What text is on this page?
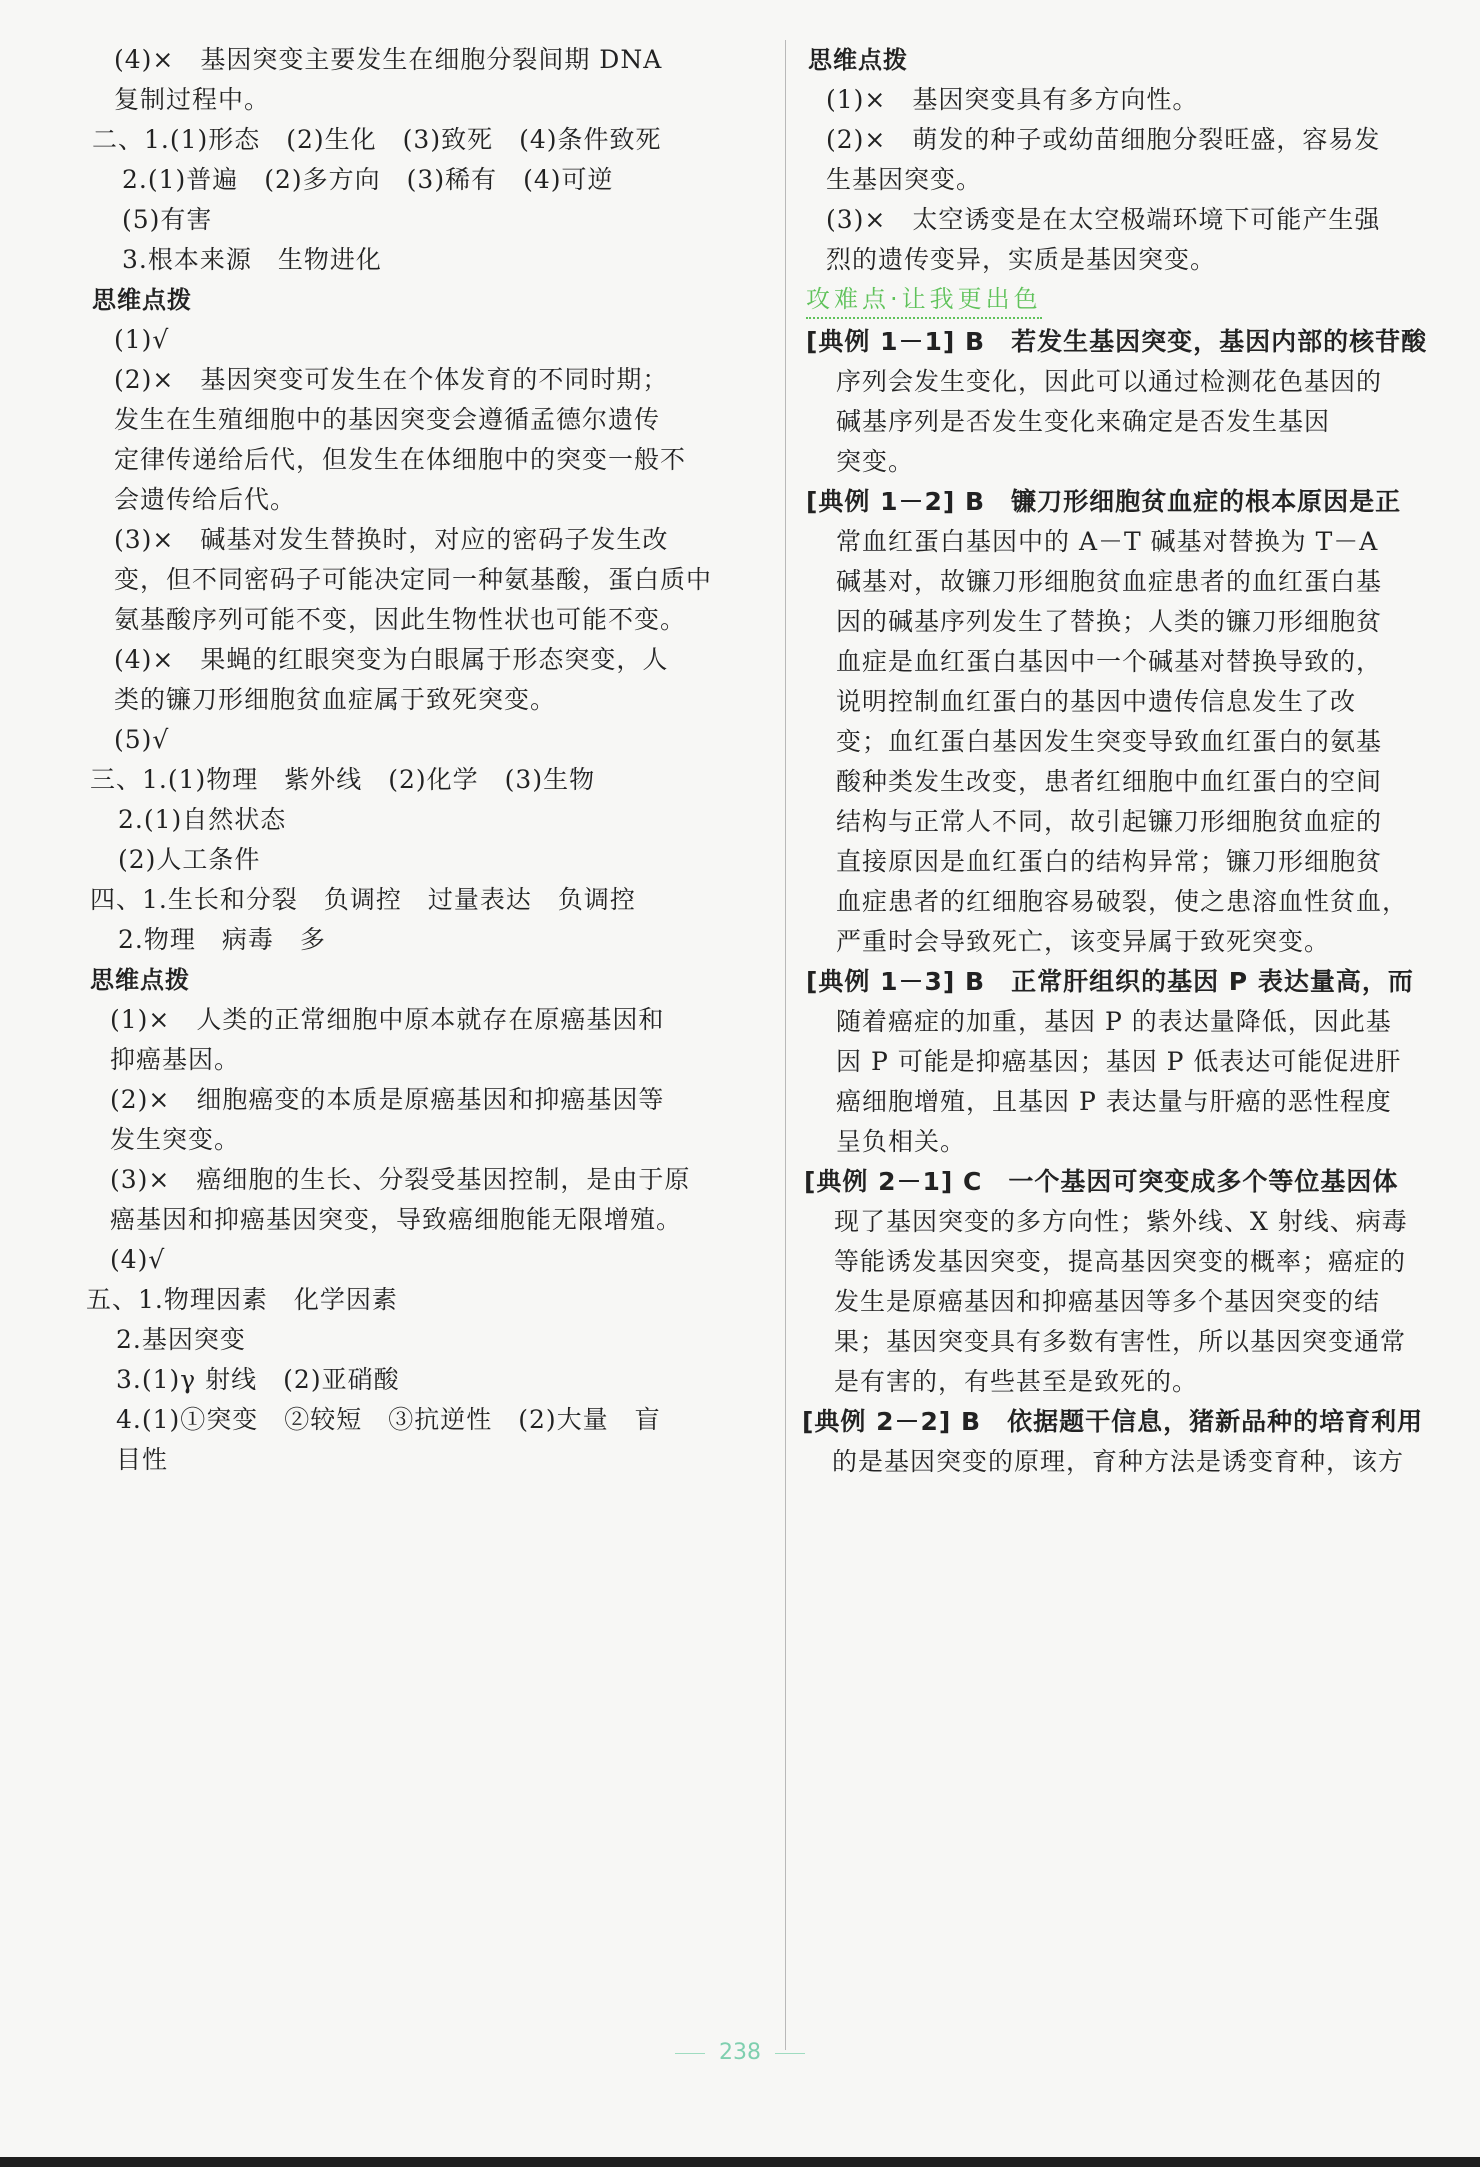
(4)×　基因突变主要发生在细胞分裂间期 DNA
复制过程中。
二、1.(1)形态　(2)生化　(3)致死　(4)条件致死
2.(1)普遍　(2)多方向　(3)稀有　(4)可逆
(5)有害
3.根本来源　生物进化
思维点拨
(1)√
(2)×　基因突变可发生在个体发育的不同时期；
发生在生殖细胞中的基因突变会遵循孟德尔遗传
定律传递给后代，但发生在体细胞中的突变一般不
会遗传给后代。
(3)×　碱基对发生替换时，对应的密码子发生改
变，但不同密码子可能决定同一种氨基酸，蛋白质中
氨基酸序列可能不变，因此生物性状也可能不变。
(4)×　果蝇的红眼突变为白眼属于形态突变，人
类的镰刀形细胞贫血症属于致死突变。
(5)√
三、1.(1)物理　紫外线　(2)化学　(3)生物
2.(1)自然状态
(2)人工条件
四、1.生长和分裂　负调控　过量表达　负调控
2.物理　病毒　多
思维点拨
(1)×　人类的正常细胞中原本就存在原癌基因和
抑癌基因。
(2)×　细胞癌变的本质是原癌基因和抑癌基因等
发生突变。
(3)×　癌细胞的生长、分裂受基因控制，是由于原
癌基因和抑癌基因突变，导致癌细胞能无限增殖。
(4)√
五、1.物理因素　化学因素
2.基因突变
3.(1)γ 射线　(2)亚硝酸
4.(1)①突变　②较短　③抗逆性　(2)大量　盲
目性
思维点拨
(1)×　基因突变具有多方向性。
(2)×　萌发的种子或幼苗细胞分裂旺盛，容易发
生基因突变。
(3)×　太空诱变是在太空极端环境下可能产生强
烈的遗传变异，实质是基因突变。
攻难点·让我更出色
[典例 1－1] B　若发生基因突变，基因内部的核苷酸
序列会发生变化，因此可以通过检测花色基因的
碱基序列是否发生变化来确定是否发生基因
突变。
[典例 1－2] B　镰刀形细胞贫血症的根本原因是正
常血红蛋白基因中的 A－T 碱基对替换为 T－A
碱基对，故镰刀形细胞贫血症患者的血红蛋白基
因的碱基序列发生了替换；人类的镰刀形细胞贫
血症是血红蛋白基因中一个碱基对替换导致的，
说明控制血红蛋白的基因中遗传信息发生了改
变；血红蛋白基因发生突变导致血红蛋白的氨基
酸种类发生改变，患者红细胞中血红蛋白的空间
结构与正常人不同，故引起镰刀形细胞贫血症的
直接原因是血红蛋白的结构异常；镰刀形细胞贫
血症患者的红细胞容易破裂，使之患溶血性贫血，
严重时会导致死亡，该变异属于致死突变。
[典例 1－3] B　正常肝组织的基因 P 表达量高，而
随着癌症的加重，基因 P 的表达量降低，因此基
因 P 可能是抑癌基因；基因 P 低表达可能促进肝
癌细胞增殖，且基因 P 表达量与肝癌的恶性程度
呈负相关。
[典例 2－1] C　一个基因可突变成多个等位基因体
现了基因突变的多方向性；紫外线、X 射线、病毒
等能诱发基因突变，提高基因突变的概率；癌症的
发生是原癌基因和抑癌基因等多个基因突变的结
果；基因突变具有多数有害性，所以基因突变通常
是有害的，有些甚至是致死的。
[典例 2－2] B　依据题干信息，猪新品种的培育利用
的是基因突变的原理，育种方法是诱变育种，该方
238
